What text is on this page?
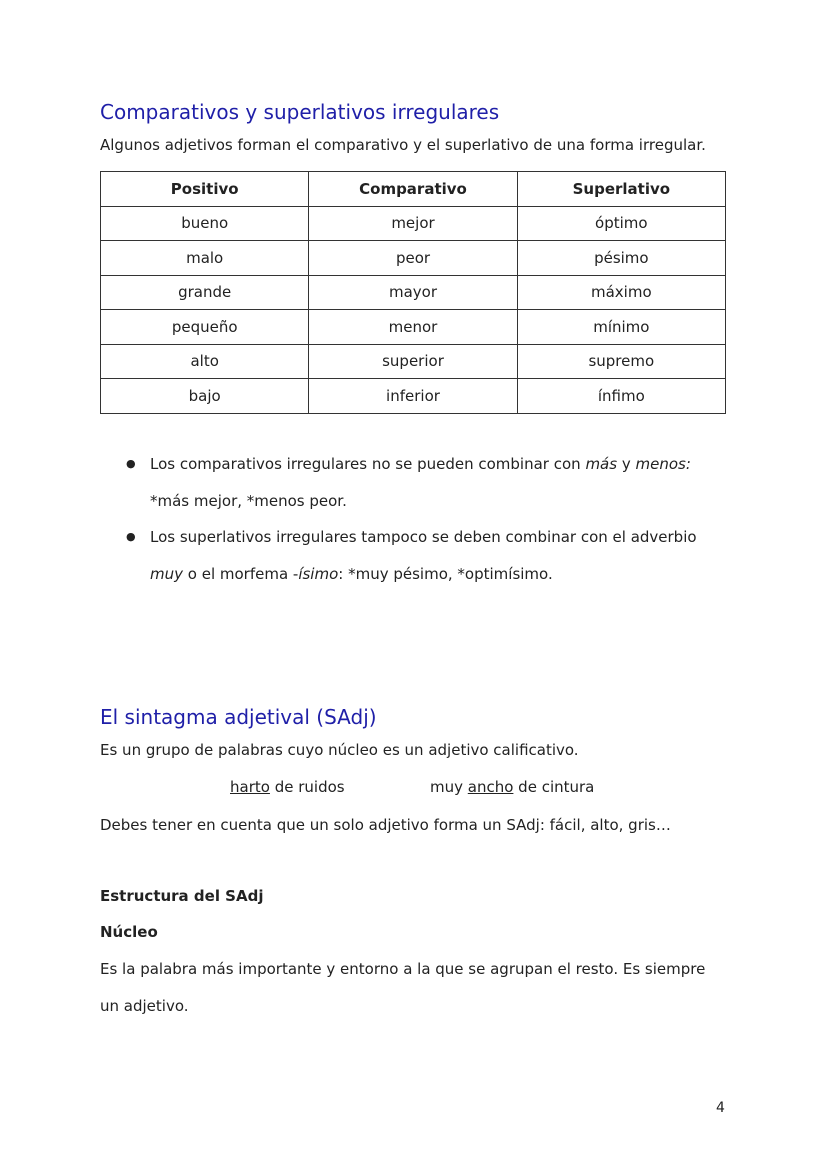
Comparativos y superlativos irregulares
Algunos adjetivos forman el comparativo y el superlativo de una forma irregular.
Positivo	Comparativo	Superlativo
bueno	mejor	óptimo
malo	peor	pésimo
grande	mayor	máximo
pequeño	menor	mínimo
alto	superior	supremo
bajo	inferior	ínfimo
● Los comparativos irregulares no se pueden combinar con más y menos:
*más mejor, *menos peor.
● Los superlativos irregulares tampoco se deben combinar con el adverbio
muy o el morfema -ísimo: *muy pésimo, *optimísimo.
El sintagma adjetival (SAdj)
Es un grupo de palabras cuyo núcleo es un adjetivo calificativo.
harto de ruidos	muy ancho de cintura
Debes tener en cuenta que un solo adjetivo forma un SAdj: fácil, alto, gris…
Estructura del SAdj
Núcleo
Es la palabra más importante y entorno a la que se agrupan el resto. Es siempre
un adjetivo.
4
